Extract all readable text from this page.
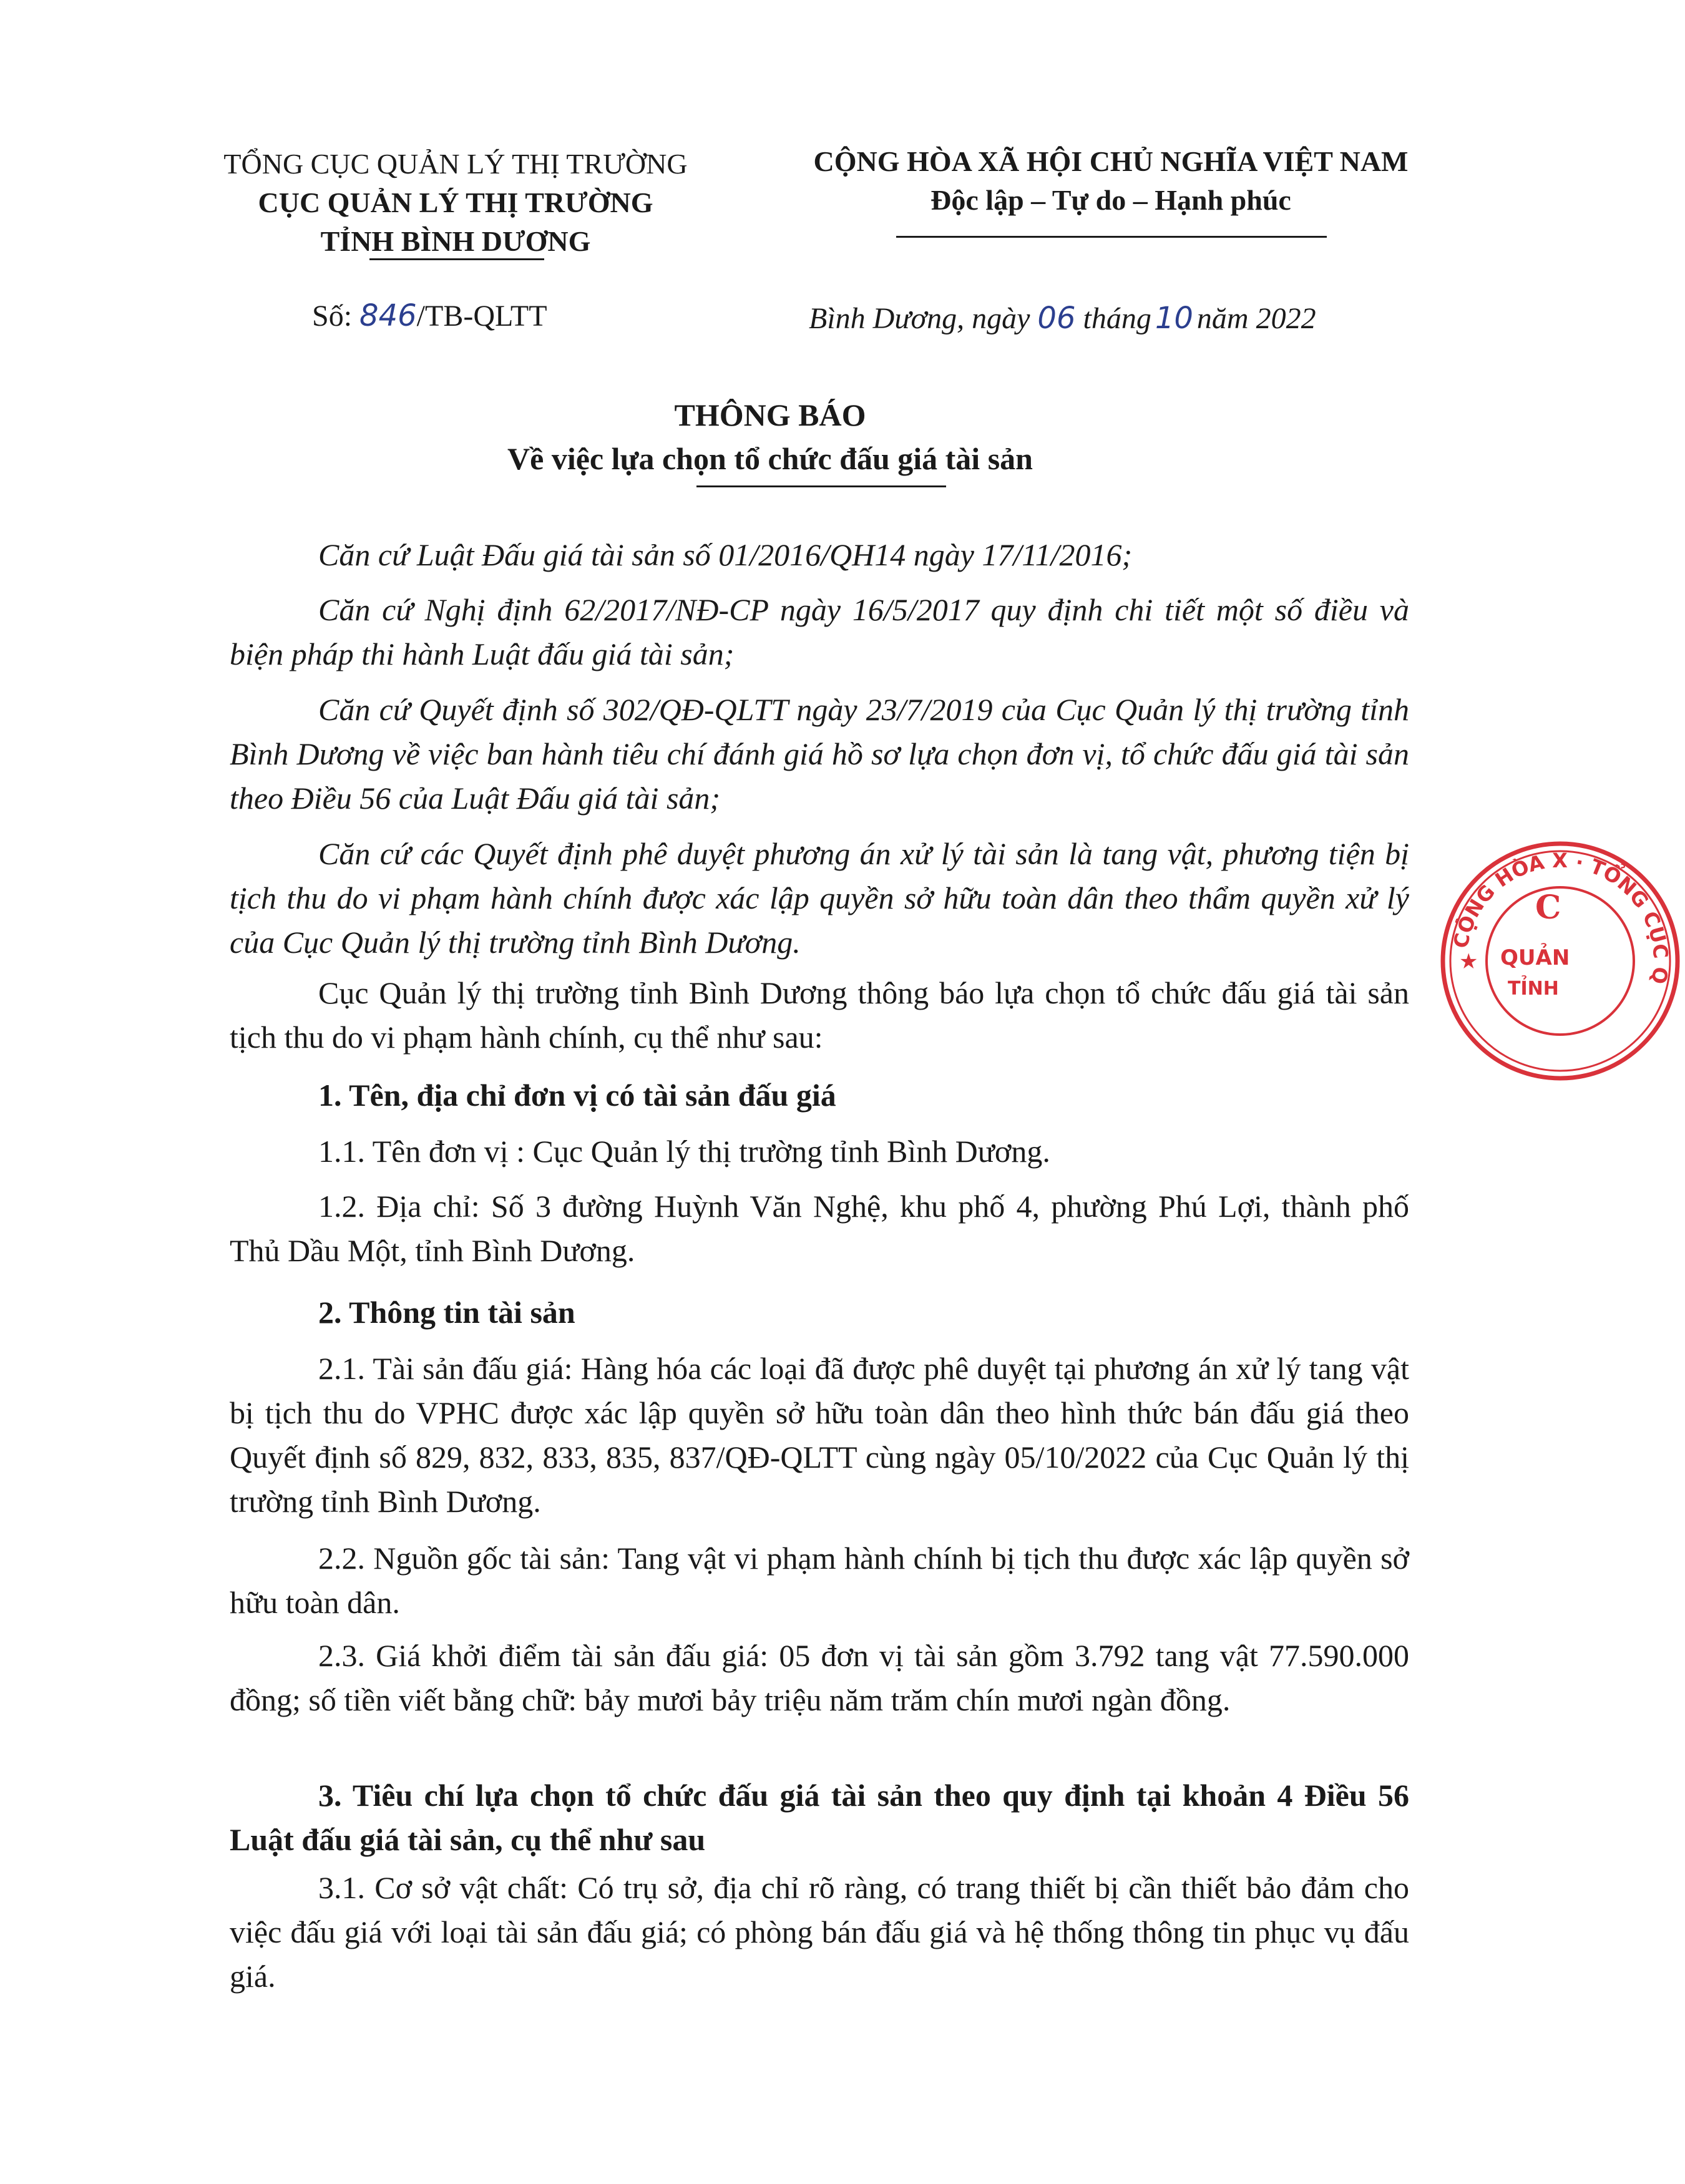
TỔNG CỤC QUẢN LÝ THỊ TRƯỜNG
CỤC QUẢN LÝ THỊ TRƯỜNG
TỈNH BÌNH DƯƠNG
CỘNG HÒA XÃ HỘI CHỦ NGHĨA VIỆT NAM
Độc lập – Tự do – Hạnh phúc
Số: 846/TB-QLTT	Bình Dương, ngày 06 tháng 10 năm 2022
THÔNG BÁO
Về việc lựa chọn tổ chức đấu giá tài sản

Căn cứ Luật Đấu giá tài sản số 01/2016/QH14 ngày 17/11/2016;

Căn cứ Nghị định 62/2017/NĐ-CP ngày 16/5/2017 quy định chi tiết một số điều và biện pháp thi hành Luật đấu giá tài sản;

Căn cứ Quyết định số 302/QĐ-QLTT ngày 23/7/2019 của Cục Quản lý thị trường tỉnh Bình Dương về việc ban hành tiêu chí đánh giá hồ sơ lựa chọn đơn vị, tổ chức đấu giá tài sản theo Điều 56 của Luật Đấu giá tài sản;

Căn cứ các Quyết định phê duyệt phương án xử lý tài sản là tang vật, phương tiện bị tịch thu do vi phạm hành chính được xác lập quyền sở hữu toàn dân theo thẩm quyền xử lý của Cục Quản lý thị trường tỉnh Bình Dương.

Cục Quản lý thị trường tỉnh Bình Dương thông báo lựa chọn tổ chức đấu giá tài sản tịch thu do vi phạm hành chính, cụ thể như sau:

1. Tên, địa chỉ đơn vị có tài sản đấu giá

1.1. Tên đơn vị : Cục Quản lý thị trường tỉnh Bình Dương.

1.2. Địa chỉ: Số 3 đường Huỳnh Văn Nghệ, khu phố 4, phường Phú Lợi, thành phố Thủ Dầu Một, tỉnh Bình Dương.

2. Thông tin tài sản

2.1. Tài sản đấu giá: Hàng hóa các loại đã được phê duyệt tại phương án xử lý tang vật bị tịch thu do VPHC được xác lập quyền sở hữu toàn dân theo hình thức bán đấu giá theo Quyết định số 829, 832, 833, 835, 837/QĐ-QLTT cùng ngày 05/10/2022 của Cục Quản lý thị trường tỉnh Bình Dương.

2.2. Nguồn gốc tài sản: Tang vật vi phạm hành chính bị tịch thu được xác lập quyền sở hữu toàn dân.

2.3. Giá khởi điểm tài sản đấu giá: 05 đơn vị tài sản gồm 3.792 tang vật 77.590.000 đồng; số tiền viết bằng chữ: bảy mươi bảy triệu năm trăm chín mươi ngàn đồng.

3. Tiêu chí lựa chọn tổ chức đấu giá tài sản theo quy định tại khoản 4 Điều 56 Luật đấu giá tài sản, cụ thể như sau

3.1. Cơ sở vật chất: Có trụ sở, địa chỉ rõ ràng, có trang thiết bị cần thiết bảo đảm cho việc đấu giá với loại tài sản đấu giá; có phòng bán đấu giá và hệ thống thông tin phục vụ đấu giá.

CỘNG HÒA X · TỔNG CỤC Q
★
C
QUẢN
TỈNH
